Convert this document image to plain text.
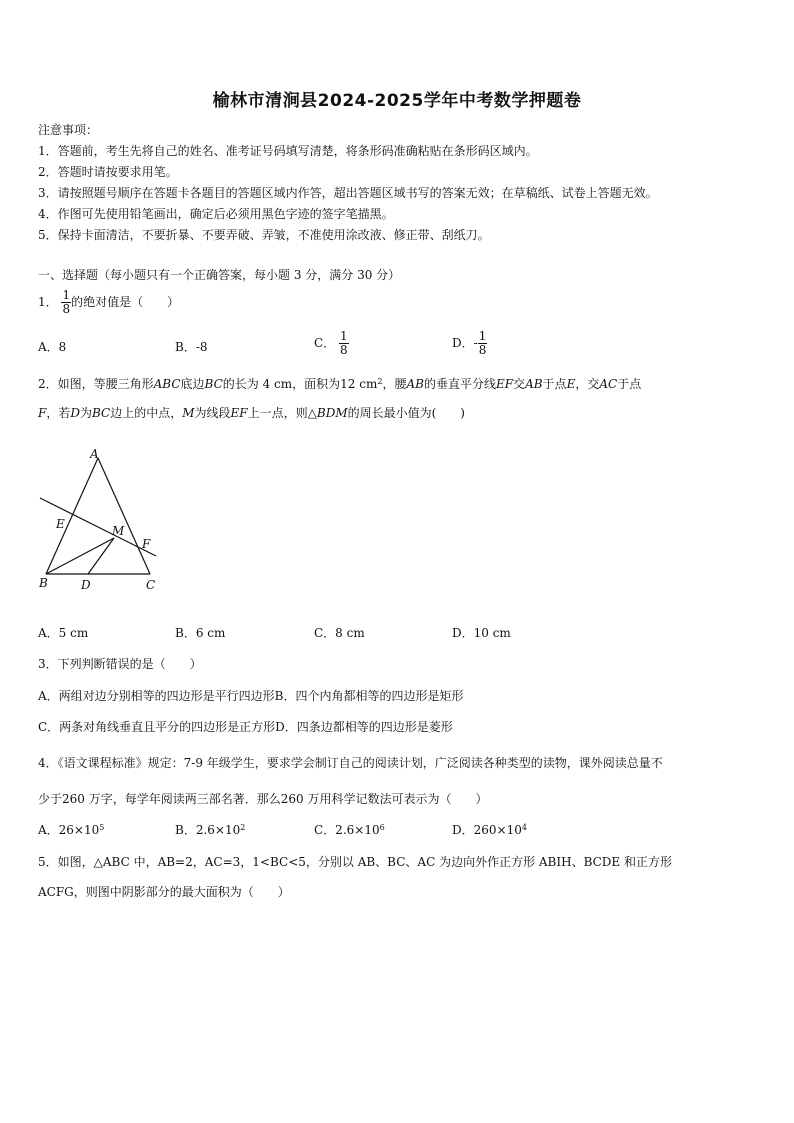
榆林市清涧县2024-2025学年中考数学押题卷
注意事项：
1．答题前，考生先将自己的姓名、准考证号码填写清楚，将条形码准确粘贴在条形码区域内。
2．答题时请按要求用笔。
3．请按照题号顺序在答题卡各题目的答题区域内作答，超出答题区域书写的答案无效；在草稿纸、试卷上答题无效。
4．作图可先使用铅笔画出，确定后必须用黑色字迹的签字笔描黑。
5．保持卡面清洁，不要折暴、不要弄破、弄皱，不准使用涂改液、修正带、刮纸刀。
一、选择题（每小题只有一个正确答案，每小题 3 分，满分 30 分）
1． $\frac{1}{8}$ 的绝对值是（　　）
A．8	B．-8	C． $\frac{1}{8}$	D．- $\frac{1}{8}$
2．如图，等腰三角形ABC底边BC的长为 4 cm，面积为12 $cm^2$，腰AB的垂直平分线EF交AB于点E，交AC于点
F，若D为BC边上的中点，M为线段EF上一点，则△BDM的周长最小值为(　　)
A
B	C
D
E
F
M
A．5 cm	B．6 cm	C．8 cm	D．10 cm
3．下列判断错误的是（　　）
A．两组对边分别相等的四边形是平行四边形B．四个内角都相等的四边形是矩形
C．两条对角线垂直且平分的四边形是正方形D．四条边都相等的四边形是菱形
4．《语文课程标准》规定：7-9 年级学生，要求学会制订自己的阅读计划，广泛阅读各种类型的读物，课外阅读总量不
少于260 万字，每学年阅读两三部名著．那么260 万用科学记数法可表示为（　　）
A．$26\times 10^5$	B．$2.6\times 10^2$	C．$2.6\times 10^6$	D．$260\times 10^4$
5．如图，△ABC 中，AB=2，AC=3，1<BC<5，分别以 AB、BC、AC 为边向外作正方形 ABIH、BCDE 和正方形
ACFG，则图中阴影部分的最大面积为（　　）
